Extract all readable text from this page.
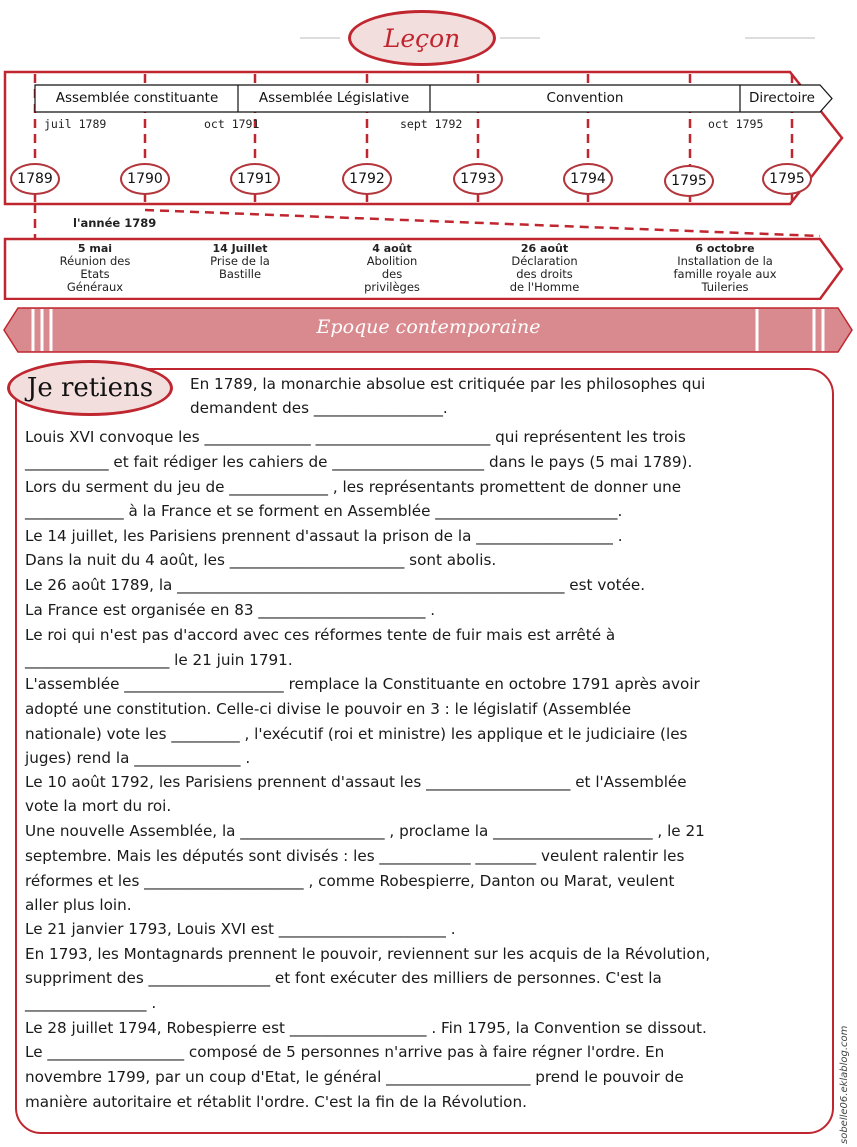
Leçon
Assemblée constituante	Assemblée Législative	Convention	Directoire
juil 1789	oct 1791	sept 1792	oct 1795
1789	1790	1791	1792	1793	1794	1795	1795
l'année 1789
5 mai
Réunion des
Etats
Généraux
14 Juillet
Prise de la
Bastille
4 août
Abolition
des
privilèges
26 août
Déclaration
des droits
de l'Homme
6 octobre
Installation de la
famille royale aux
Tuileries
Epoque contemporaine
Je retiens	En 1789, la monarchie absolue est critiquée par les philosophes qui
demandent des _________________.
Louis XVI convoque les ______________ _______________________ qui représentent les trois
___________ et fait rédiger les cahiers de ____________________ dans le pays (5 mai 1789).
Lors du serment du jeu de _____________ , les représentants promettent de donner une
_____________ à la France et se forment en Assemblée ________________________.
Le 14 juillet, les Parisiens prennent d'assaut la prison de la __________________ .
Dans la nuit du 4 août, les _______________________ sont abolis.
Le 26 août 1789, la ___________________________________________________ est votée.
La France est organisée en 83 ______________________ .
Le roi qui n'est pas d'accord avec ces réformes tente de fuir mais est arrêté à
___________________ le 21 juin 1791.
L'assemblée _____________________ remplace la Constituante en octobre 1791 après avoir
adopté une constitution. Celle-ci divise le pouvoir en 3 : le législatif (Assemblée
nationale) vote les _________ , l'exécutif (roi et ministre) les applique et le judiciaire (les
juges) rend la ______________ .
Le 10 août 1792, les Parisiens prennent d'assaut les ___________________ et l'Assemblée
vote la mort du roi.
Une nouvelle Assemblée, la ___________________ , proclame la _____________________ , le 21
septembre. Mais les députés sont divisés : les ____________ ________ veulent ralentir les
réformes et les _____________________ , comme Robespierre, Danton ou Marat, veulent
aller plus loin.
Le 21 janvier 1793, Louis XVI est ______________________ .
En 1793, les Montagnards prennent le pouvoir, reviennent sur les acquis de la Révolution,
suppriment des ________________ et font exécuter des milliers de personnes. C'est la
________________ .
Le 28 juillet 1794, Robespierre est __________________ . Fin 1795, la Convention se dissout.
Le __________________ composé de 5 personnes n'arrive pas à faire régner l'ordre. En
novembre 1799, par un coup d'Etat, le général ___________________ prend le pouvoir de
manière autoritaire et rétablit l'ordre. C'est la fin de la Révolution.	sobelle06.eklablog.com
